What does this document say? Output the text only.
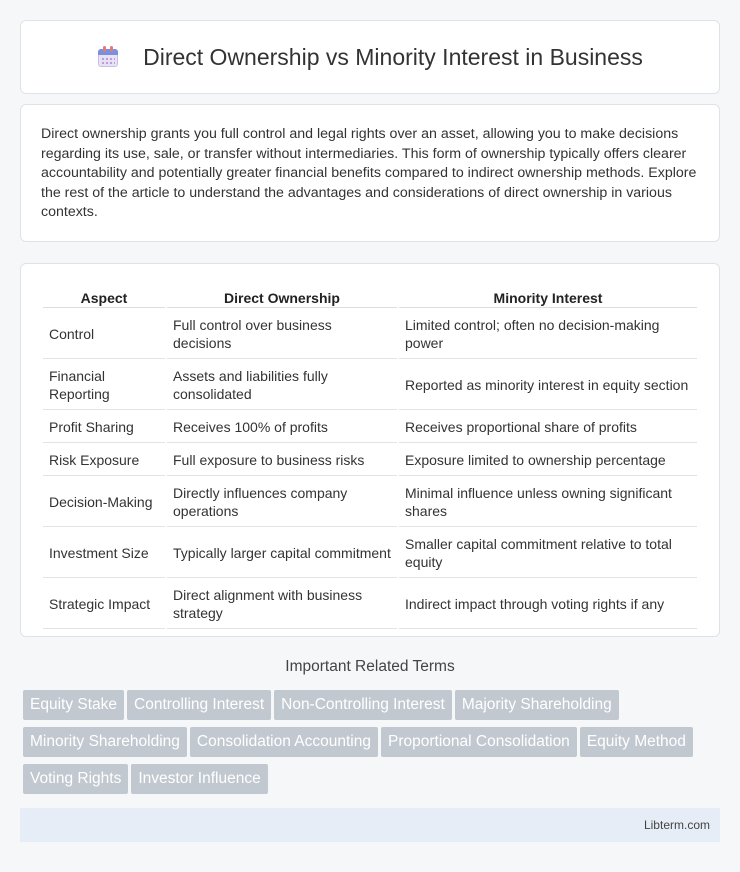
Direct Ownership vs Minority Interest in Business

Direct ownership grants you full control and legal rights over an asset, allowing you to make decisions regarding its use, sale, or transfer without intermediaries. This form of ownership typically offers clearer accountability and potentially greater financial benefits compared to indirect ownership methods. Explore the rest of the article to understand the advantages and considerations of direct ownership in various contexts.

Aspect	Direct Ownership	Minority Interest
Control	Full control over business decisions	Limited control; often no decision-making power
Financial Reporting	Assets and liabilities fully consolidated	Reported as minority interest in equity section
Profit Sharing	Receives 100% of profits	Receives proportional share of profits
Risk Exposure	Full exposure to business risks	Exposure limited to ownership percentage
Decision-Making	Directly influences company operations	Minimal influence unless owning significant shares
Investment Size	Typically larger capital commitment	Smaller capital commitment relative to total equity
Strategic Impact	Direct alignment with business strategy	Indirect impact through voting rights if any
Important Related Terms
Equity Stake Controlling Interest Non-Controlling Interest Majority ShareholdingMinority Shareholding Consolidation Accounting Proportional Consolidation Equity MethodVoting Rights Investor Influence
Libterm.com
